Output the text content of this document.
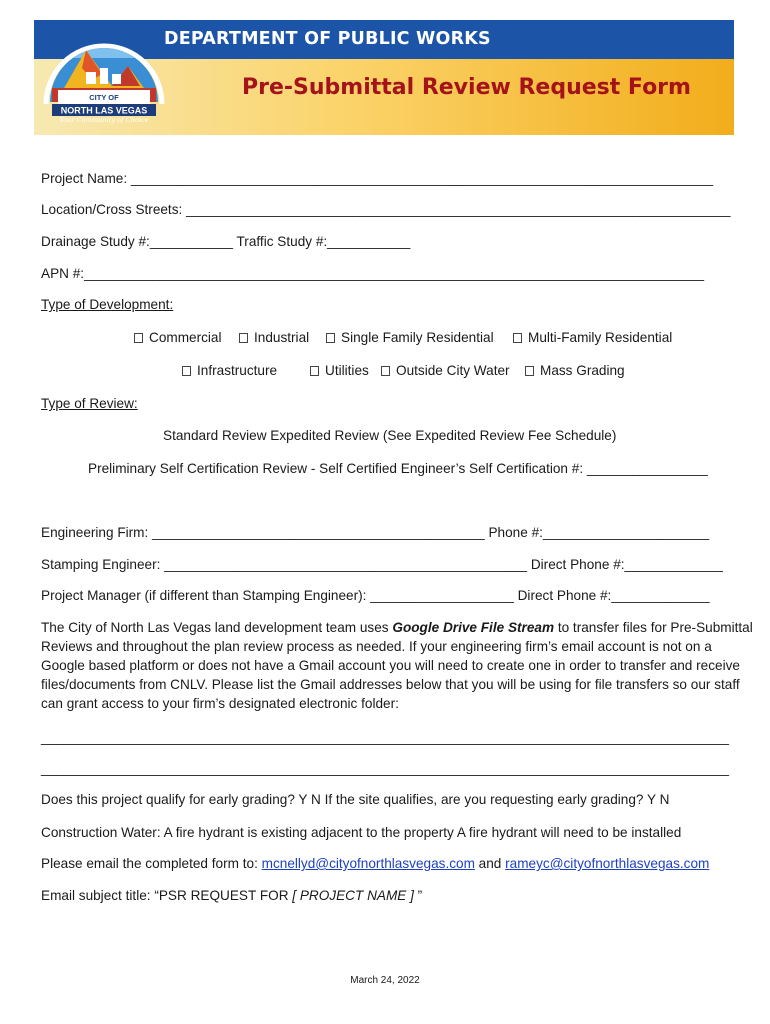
DEPARTMENT OF PUBLIC WORKS
CITY OF
NORTH LAS VEGAS
Your Community of Choice
Pre-Submittal Review Request Form
Project Name: _____________________________________________________________________________
Location/Cross Streets: ________________________________________________________________________
Drainage Study #:___________ Traffic Study #:___________
APN #:__________________________________________________________________________________
Type of Development:
Commercial	Industrial	Single Family Residential	Multi-Family Residential
Infrastructure	Utilities	Outside City Water	Mass Grading
Type of Review:
Standard Review Expedited Review (See Expedited Review Fee Schedule)
Preliminary Self Certification Review - Self Certified Engineer’s Self Certification #: ________________
Engineering Firm: ____________________________________________ Phone #:______________________
Stamping Engineer: ________________________________________________ Direct Phone #:_____________
Project Manager (if different than Stamping Engineer): ___________________ Direct Phone #:_____________
The City of North Las Vegas land development team uses Google Drive File Stream to transfer files for Pre-Submittal
Reviews and throughout the plan review process as needed. If your engineering firm’s email account is not on a
Google based platform or does not have a Gmail account you will need to create one in order to transfer and receive
files/documents from CNLV. Please list the Gmail addresses below that you will be using for file transfers so our staff
can grant access to your firm’s designated electronic folder:
___________________________________________________________________________________________
___________________________________________________________________________________________
Does this project qualify for early grading? Y N If the site qualifies, are you requesting early grading? Y N
Construction Water: A fire hydrant is existing adjacent to the property A fire hydrant will need to be installed
Please email the completed form to: mcnellyd@cityofnorthlasvegas.com and rameyc@cityofnorthlasvegas.com
Email subject title: “PSR REQUEST FOR [ PROJECT NAME ] ”
March 24, 2022
